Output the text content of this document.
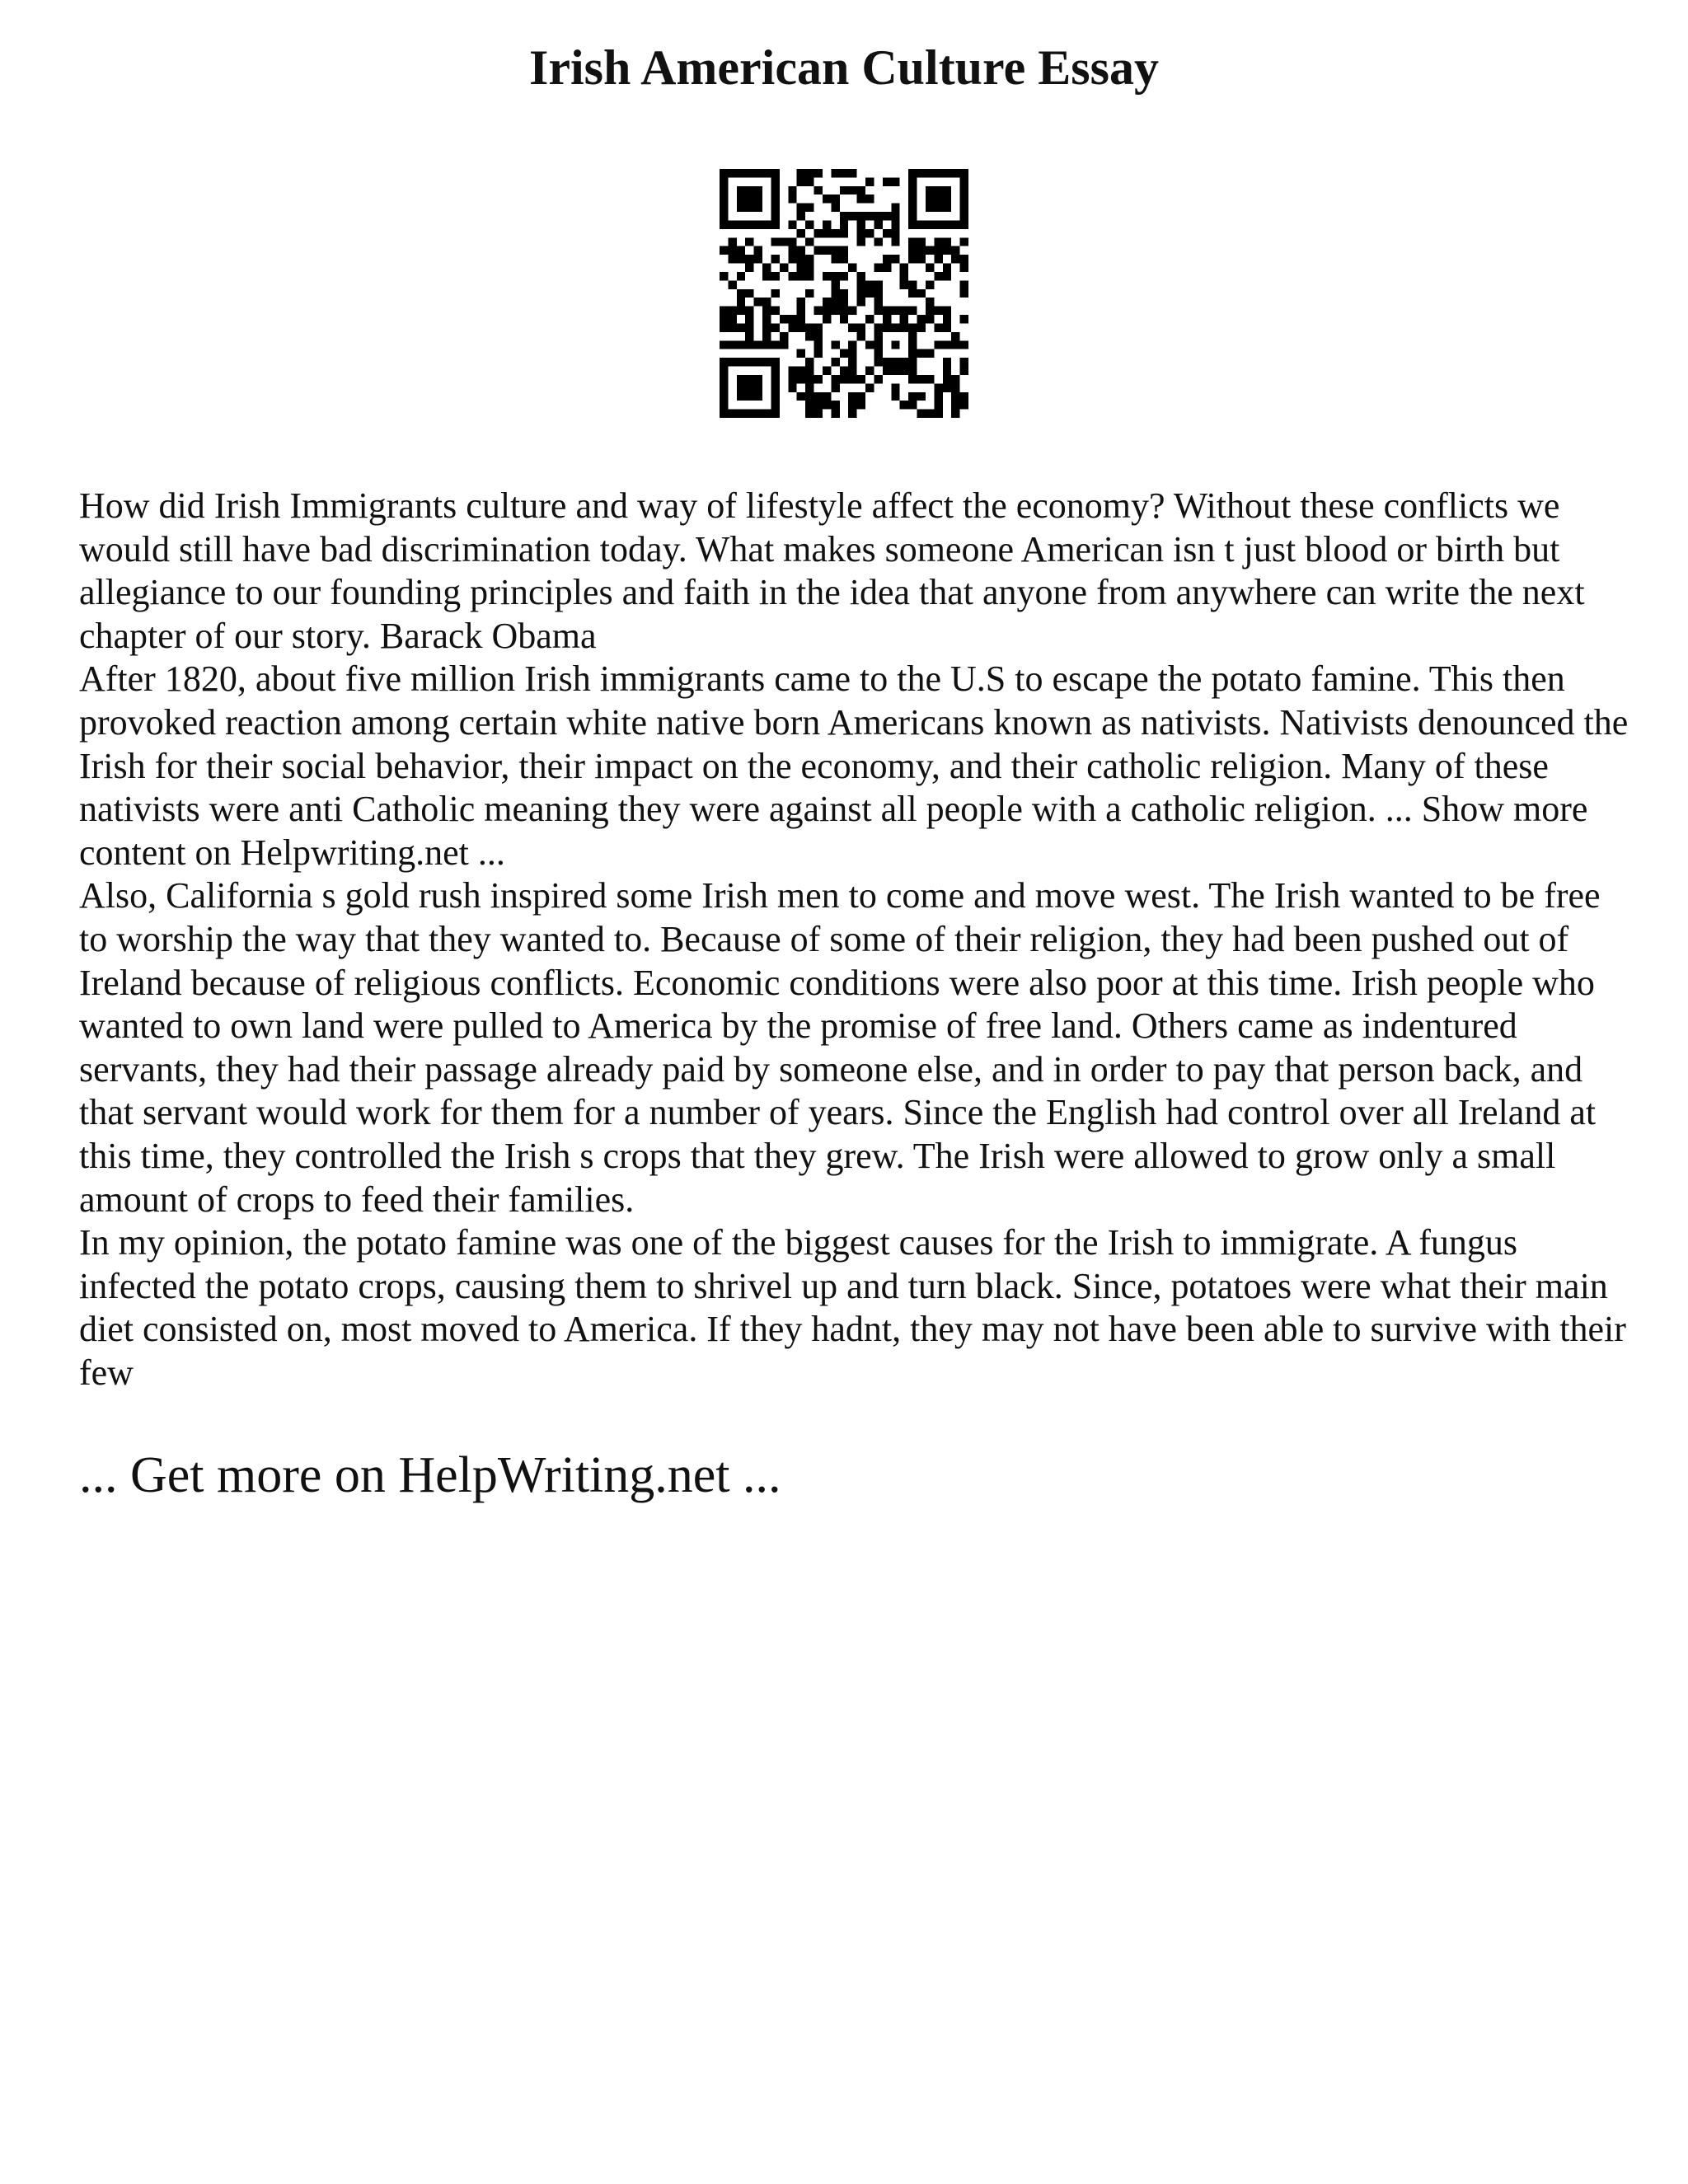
Irish American Culture Essay

How did Irish Immigrants culture and way of lifestyle affect the economy? Without these conflicts we would still have bad discrimination today. What makes someone American isn t just blood or birth but allegiance to our founding principles and faith in the idea that anyone from anywhere can write the next chapter of our story. Barack Obama

After 1820, about five million Irish immigrants came to the U.S to escape the potato famine. This then provoked reaction among certain white native born Americans known as nativists. Nativists denounced the Irish for their social behavior, their impact on the economy, and their catholic religion. Many of these nativists were anti Catholic meaning they were against all people with a catholic religion. ... Show more content on Helpwriting.net ...

Also, California s gold rush inspired some Irish men to come and move west. The Irish wanted to be free to worship the way that they wanted to. Because of some of their religion, they had been pushed out of Ireland because of religious conflicts. Economic conditions were also poor at this time. Irish people who wanted to own land were pulled to America by the promise of free land. Others came as indentured servants, they had their passage already paid by someone else, and in order to pay that person back, and that servant would work for them for a number of years. Since the English had control over all Ireland at this time, they controlled the Irish s crops that they grew. The Irish were allowed to grow only a small amount of crops to feed their families.

In my opinion, the potato famine was one of the biggest causes for the Irish to immigrate. A fungus infected the potato crops, causing them to shrivel up and turn black. Since, potatoes were what their main diet consisted on, most moved to America. If they hadnt, they may not have been able to survive with their few

... Get more on HelpWriting.net ...
